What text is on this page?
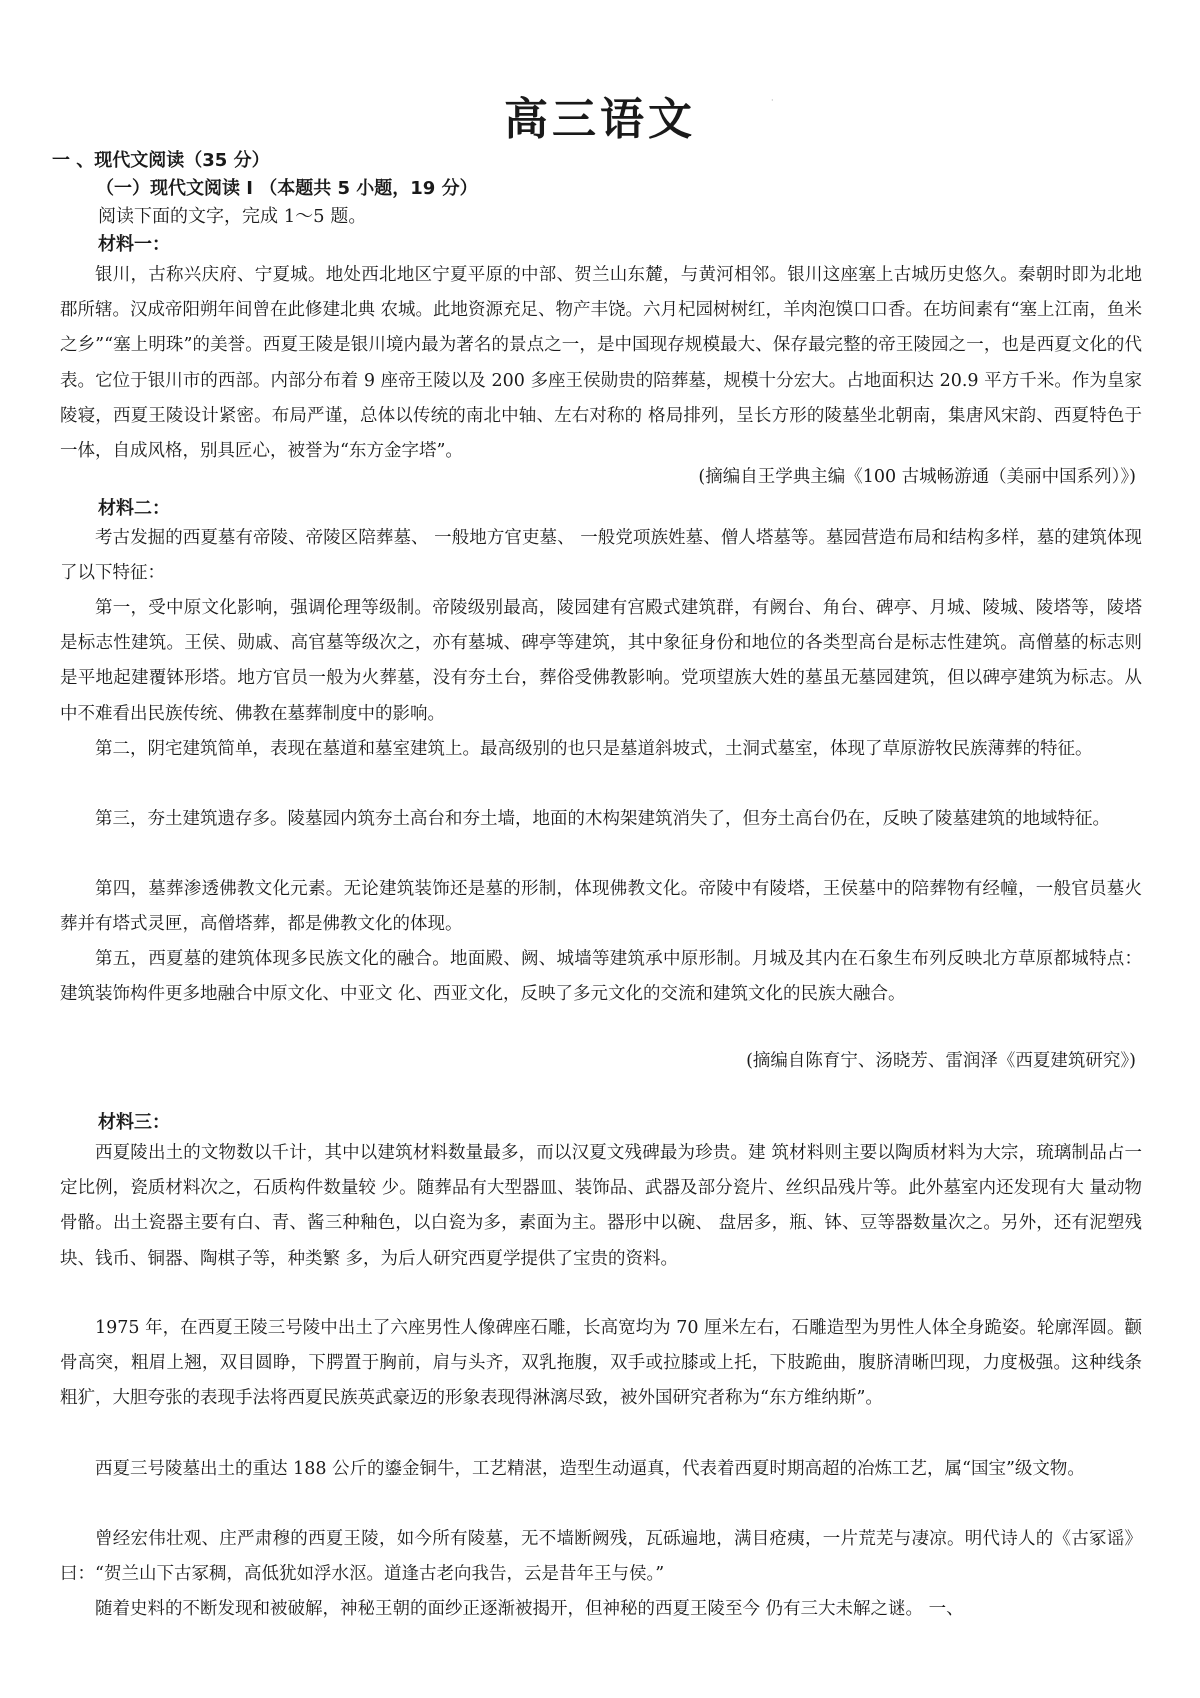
高三语文	·
一 、现代文阅读（35 分）
（一）现代文阅读 I （本题共 5 小题，19 分）
阅读下面的文字，完成 1～5 题。
材料一：

银川，古称兴庆府、宁夏城。地处西北地区宁夏平原的中部、贺兰山东麓，与黄河相邻。银川这座塞上古城历史悠久。秦朝时即为北地郡所辖。汉成帝阳朔年间曾在此修建北典 农城。此地资源充足、物产丰饶。六月杞园树树红，羊肉泡馍口口香。在坊间素有“塞上江南，鱼米之乡”“塞上明珠”的美誉。西夏王陵是银川境内最为著名的景点之一，是中国现存规模最大、保存最完整的帝王陵园之一，也是西夏文化的代表。它位于银川市的西部。内部分布着 9 座帝王陵以及 200 多座王侯勋贵的陪葬墓，规模十分宏大。占地面积达 20.9 平方千米。作为皇家陵寝，西夏王陵设计紧密。布局严谨，总体以传统的南北中轴、左右对称的 格局排列，呈长方形的陵墓坐北朝南，集唐风宋韵、西夏特色于一体，自成风格，别具匠心，被誉为“东方金字塔”。

(摘编自王学典主编《100 古城畅游通（美丽中国系列）》)
材料二：

考古发掘的西夏墓有帝陵、帝陵区陪葬墓、 一般地方官吏墓、 一般党项族姓墓、僧人塔墓等。墓园营造布局和结构多样，墓的建筑体现了以下特征：

第一，受中原文化影响，强调伦理等级制。帝陵级别最高，陵园建有宫殿式建筑群，有阙台、角台、碑亭、月城、陵城、陵塔等，陵塔是标志性建筑。王侯、勋戚、高官墓等级次之，亦有墓城、碑亭等建筑，其中象征身份和地位的各类型高台是标志性建筑。高僧墓的标志则是平地起建覆钵形塔。地方官员一般为火葬墓，没有夯土台，葬俗受佛教影响。党项望族大姓的墓虽无墓园建筑，但以碑亭建筑为标志。从中不难看出民族传统、佛教在墓葬制度中的影响。

第二，阴宅建筑简单，表现在墓道和墓室建筑上。最高级别的也只是墓道斜坡式，土洞式墓室，体现了草原游牧民族薄葬的特征。

第三，夯土建筑遗存多。陵墓园内筑夯土高台和夯土墙，地面的木构架建筑消失了，但夯土高台仍在，反映了陵墓建筑的地域特征。

第四，墓葬渗透佛教文化元素。无论建筑装饰还是墓的形制，体现佛教文化。帝陵中有陵塔，王侯墓中的陪葬物有经幢，一般官员墓火葬并有塔式灵匣，高僧塔葬，都是佛教文化的体现。

第五，西夏墓的建筑体现多民族文化的融合。地面殿、阙、城墙等建筑承中原形制。月城及其内在石象生布列反映北方草原都城特点：建筑装饰构件更多地融合中原文化、中亚文 化、西亚文化，反映了多元文化的交流和建筑文化的民族大融合。

(摘编自陈育宁、汤晓芳、雷润泽《西夏建筑研究》)
材料三：

西夏陵出土的文物数以千计，其中以建筑材料数量最多，而以汉夏文残碑最为珍贵。建 筑材料则主要以陶质材料为大宗，琉璃制品占一定比例，瓷质材料次之，石质构件数量较 少。随葬品有大型器皿、装饰品、武器及部分瓷片、丝织品残片等。此外墓室内还发现有大 量动物骨骼。出土瓷器主要有白、青、酱三种釉色，以白瓷为多，素面为主。器形中以碗、 盘居多，瓶、钵、豆等器数量次之。另外，还有泥塑残块、钱币、铜器、陶棋子等，种类繁 多，为后人研究西夏学提供了宝贵的资料。

1975 年，在西夏王陵三号陵中出土了六座男性人像碑座石雕，长高宽均为 70 厘米左右，石雕造型为男性人体全身跪姿。轮廓浑圆。颧骨高突，粗眉上翘，双目圆睁，下腭置于胸前，肩与头齐，双乳拖腹，双手或拉膝或上托，下肢跪曲，腹脐清晰凹现，力度极强。这种线条粗犷，大胆夸张的表现手法将西夏民族英武豪迈的形象表现得淋漓尽致，被外国研究者称为“东方维纳斯”。

西夏三号陵墓出土的重达 188 公斤的鎏金铜牛，工艺精湛，造型生动逼真，代表着西夏时期高超的冶炼工艺，属“国宝”级文物。

曾经宏伟壮观、庄严肃穆的西夏王陵，如今所有陵墓，无不墙断阙残，瓦砾遍地，满目疮痍，一片荒芜与凄凉。明代诗人的《古冢谣》曰：“贺兰山下古冢稠，高低犹如浮水沤。道逢古老向我告，云是昔年王与侯。”

随着史料的不断发现和被破解，神秘王朝的面纱正逐渐被揭开，但神秘的西夏王陵至今 仍有三大未解之谜。 一、
